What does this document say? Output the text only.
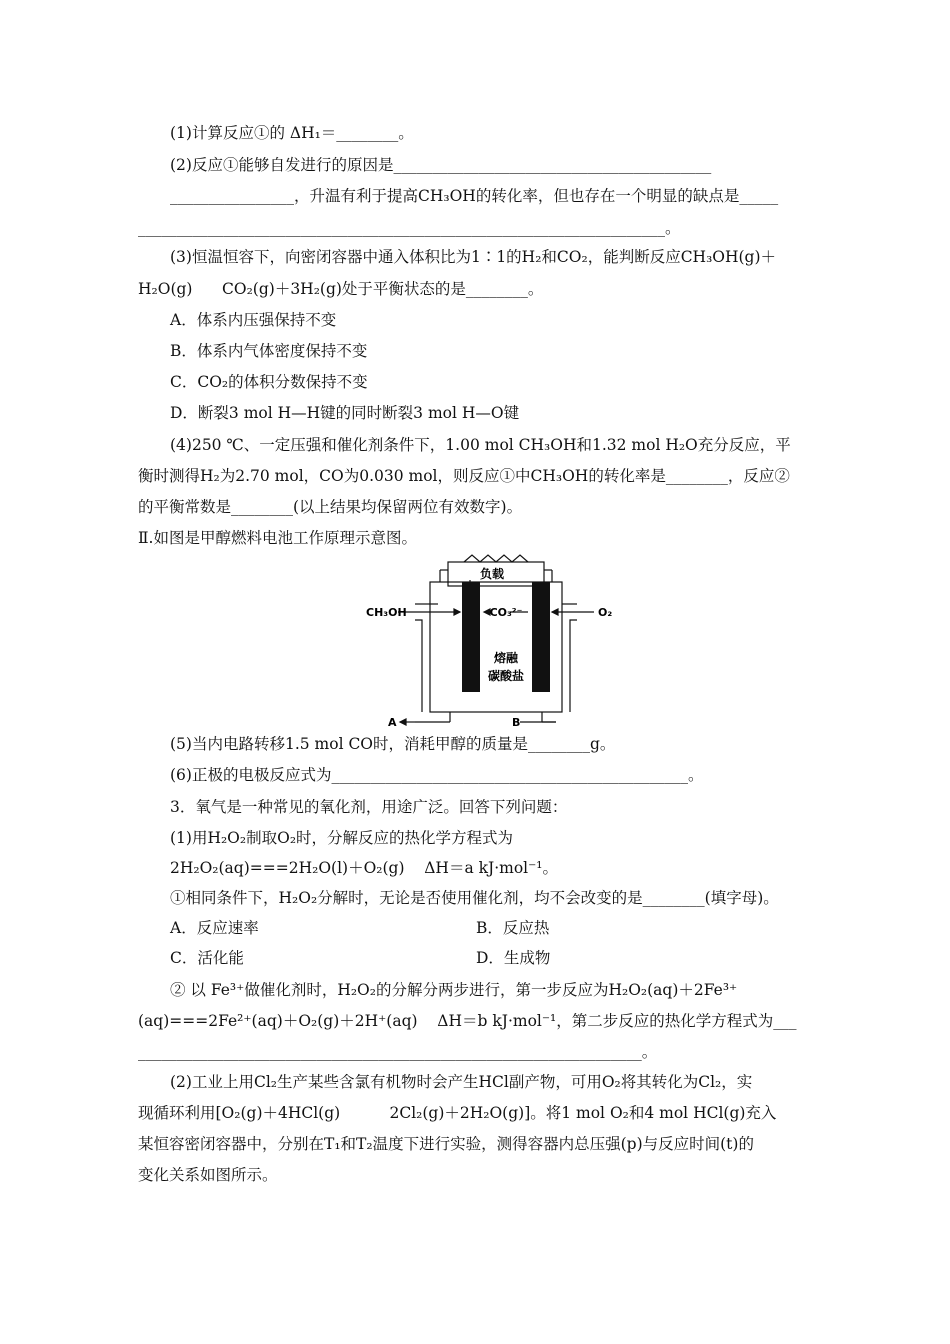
(1)计算反应①的 ΔH₁＝________。
(2)反应①能够自发进行的原因是_________________________________________
________________，升温有利于提高CH₃OH的转化率，但也存在一个明显的缺点是_____
____________________________________________________________________。
(3)恒温恒容下，向密闭容器中通入体积比为1∶1的H₂和CO₂，能判断反应CH₃OH(g)＋
H₂O(g)      CO₂(g)＋3H₂(g)处于平衡状态的是________。
A．体系内压强保持不变
B．体系内气体密度保持不变
C．CO₂的体积分数保持不变
D．断裂3 mol H—H键的同时断裂3 mol H—O键
(4)250 ℃、一定压强和催化剂条件下，1.00 mol CH₃OH和1.32 mol H₂O充分反应，平
衡时测得H₂为2.70 mol，CO为0.030 mol，则反应①中CH₃OH的转化率是________，反应②
的平衡常数是________(以上结果均保留两位有效数字)。
Ⅱ.如图是甲醇燃料电池工作原理示意图。
负载
CH₃OH	O₂
CO₃²⁻
熔融
碳酸盐
A	B
(5)当内电路转移1.5 mol CO时，消耗甲醇的质量是________g。
(6)正极的电极反应式为______________________________________________。
3．氧气是一种常见的氧化剂，用途广泛。回答下列问题：
(1)用H₂O₂制取O₂时，分解反应的热化学方程式为
2H₂O₂(aq)===2H₂O(l)＋O₂(g)    ΔH＝a kJ·mol⁻¹。
①相同条件下，H₂O₂分解时，无论是否使用催化剂，均不会改变的是________(填字母)。
A．反应速率	B．反应热
C．活化能	D．生成物
② 以 Fe³⁺做催化剂时，H₂O₂的分解分两步进行，第一步反应为H₂O₂(aq)＋2Fe³⁺
(aq)===2Fe²⁺(aq)＋O₂(g)＋2H⁺(aq)    ΔH＝b kJ·mol⁻¹，第二步反应的热化学方程式为___
_________________________________________________________________。
(2)工业上用Cl₂生产某些含氯有机物时会产生HCl副产物，可用O₂将其转化为Cl₂，实
现循环利用[O₂(g)＋4HCl(g)          2Cl₂(g)＋2H₂O(g)]。将1 mol O₂和4 mol HCl(g)充入
某恒容密闭容器中，分别在T₁和T₂温度下进行实验，测得容器内总压强(p)与反应时间(t)的
变化关系如图所示。
